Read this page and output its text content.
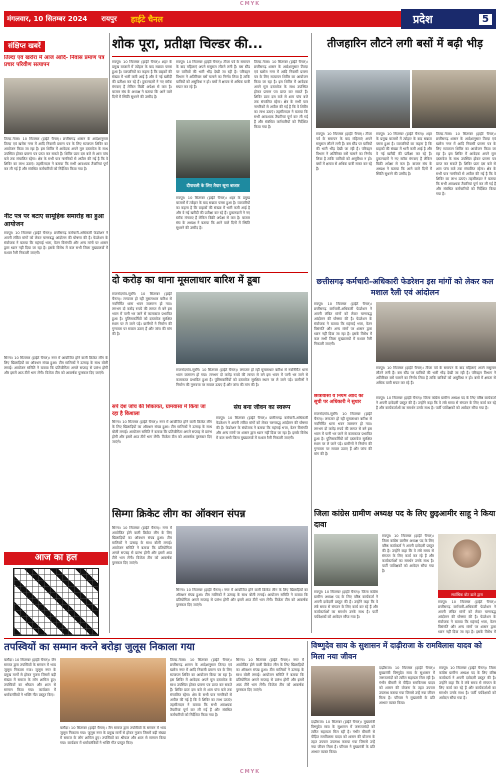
CMYK
मंगलवार, 10 सितम्बर 2024 रायपुर हाईटे चैनल	प्रदेश	5
संक्षिप्त खबरें
तिल्दा एवं खरोरा में आज आदि- निवास प्रमाण पत्र प्रचार परिवीण सत्यापन
तिल्दा-नेवरा। 10 सितम्बर (हाईटे चैनल)। छत्तीसगढ़ शासन के आदेशानुसार तिल्दा एवं खरोरा नगर में आदि निवासी प्रमाण पत्र के लिए सत्यापन शिविर का आयोजन किया जा रहा है। इस शिविर में आवेदक अपने मूल दस्तावेज के साथ उपस्थित होकर प्रमाण पत्र प्राप्त कर सकते हैं। शिविर प्रातः दस बजे से शाम पांच बजे तक संचालित रहेगा। क्षेत्र के सभी पात्र नागरिकों से अपील की गई है कि वे शिविर का लाभ उठाएं। तहसीलदार ने बताया कि सभी आवश्यक तैयारियां पूर्ण कर ली गई हैं और संबंधित कर्मचारियों को निर्देशित किया गया है।
नीट पत्र पर बटाए सामूहिक समारोह का हुआ आयोजन
रायपुर। 10 सितम्बर (हाईटे चैनल)। छत्तीसगढ़ कर्मचारी-अधिकारी फेडरेशन ने अपनी लंबित मांगों को लेकर चरणबद्ध आंदोलन की घोषणा की है। फेडरेशन के संयोजक ने बताया कि महंगाई भत्ता, वेतन विसंगति और अन्य मांगों पर शासन द्वारा ध्यान नहीं दिया जा रहा है। इसके विरोध में कल सभी जिला मुख्यालयों में मशाल रैली निकाली जाएगी।
आज का हल
सिम्गा। 10 सितम्बर (हाईटे चैनल)। नगर में आयोजित होने वाली क्रिकेट लीग के लिए खिलाड़ियों का ऑक्शन संपन्न हुआ। टीम मालिकों ने उत्साह के साथ बोली लगाई। आयोजन समिति ने बताया कि प्रतियोगिता अगले सप्ताह से प्रारंभ होगी और इसमें आठ टीमें भाग लेंगी। विजेता टीम को आकर्षक पुरस्कार दिए जाएंगे।
शोक पूरा, प्रतीक्षा चिल्डर की...
रायपुर। 10 सितम्बर (हाईटे चैनल)। शहर के प्रमुख बाजारों में त्योहार के बाद सन्नाटा पसरा हुआ है। व्यापारियों का कहना है कि ग्राहकों की संख्या में भारी कमी आई है और वे नई खरीदी की प्रतीक्षा कर रहे हैं। दुकानदारों ने नए स्टॉक मंगवाए हैं लेकिन बिक्री अपेक्षा से कम है। बाजार संघ के अध्यक्ष ने बताया कि आने वाले दिनों में स्थिति सुधरने की उम्मीद है।
दीपावली के लिए तैयार सूना बाजार
रायपुर। 10 सितम्बर (हाईटे चैनल)। तीजा पर्व के समापन के बाद महिलाएं अपने ससुराल लौटने लगी हैं। बस स्टैंड पर यात्रियों की भारी भीड़ देखी जा रही है। परिवहन विभाग ने अतिरिक्त बसें चलाने का निर्णय लिया है ताकि यात्रियों को असुविधा न हो। बसों में क्षमता से अधिक यात्री सफर कर रहे हैं।
रायपुर। 10 सितम्बर (हाईटे चैनल)। शहर के प्रमुख बाजारों में त्योहार के बाद सन्नाटा पसरा हुआ है। व्यापारियों का कहना है कि ग्राहकों की संख्या में भारी कमी आई है और वे नई खरीदी की प्रतीक्षा कर रहे हैं। दुकानदारों ने नए स्टॉक मंगवाए हैं लेकिन बिक्री अपेक्षा से कम है। बाजार संघ के अध्यक्ष ने बताया कि आने वाले दिनों में स्थिति सुधरने की उम्मीद है।
तिल्दा-नेवरा। 10 सितम्बर (हाईटे चैनल)। छत्तीसगढ़ शासन के आदेशानुसार तिल्दा एवं खरोरा नगर में आदि निवासी प्रमाण पत्र के लिए सत्यापन शिविर का आयोजन किया जा रहा है। इस शिविर में आवेदक अपने मूल दस्तावेज के साथ उपस्थित होकर प्रमाण पत्र प्राप्त कर सकते हैं। शिविर प्रातः दस बजे से शाम पांच बजे तक संचालित रहेगा। क्षेत्र के सभी पात्र नागरिकों से अपील की गई है कि वे शिविर का लाभ उठाएं। तहसीलदार ने बताया कि सभी आवश्यक तैयारियां पूर्ण कर ली गई हैं और संबंधित कर्मचारियों को निर्देशित किया गया है।
तीजहारिन लौटने लगी बसों में बढ़ी भीड़
रायपुर। 10 सितम्बर (हाईटे चैनल)। तीजा पर्व के समापन के बाद महिलाएं अपने ससुराल लौटने लगी हैं। बस स्टैंड पर यात्रियों की भारी भीड़ देखी जा रही है। परिवहन विभाग ने अतिरिक्त बसें चलाने का निर्णय लिया है ताकि यात्रियों को असुविधा न हो। बसों में क्षमता से अधिक यात्री सफर कर रहे हैं।
रायपुर। 10 सितम्बर (हाईटे चैनल)। शहर के प्रमुख बाजारों में त्योहार के बाद सन्नाटा पसरा हुआ है। व्यापारियों का कहना है कि ग्राहकों की संख्या में भारी कमी आई है और वे नई खरीदी की प्रतीक्षा कर रहे हैं। दुकानदारों ने नए स्टॉक मंगवाए हैं लेकिन बिक्री अपेक्षा से कम है। बाजार संघ के अध्यक्ष ने बताया कि आने वाले दिनों में स्थिति सुधरने की उम्मीद है।
तिल्दा-नेवरा। 10 सितम्बर (हाईटे चैनल)। छत्तीसगढ़ शासन के आदेशानुसार तिल्दा एवं खरोरा नगर में आदि निवासी प्रमाण पत्र के लिए सत्यापन शिविर का आयोजन किया जा रहा है। इस शिविर में आवेदक अपने मूल दस्तावेज के साथ उपस्थित होकर प्रमाण पत्र प्राप्त कर सकते हैं। शिविर प्रातः दस बजे से शाम पांच बजे तक संचालित रहेगा। क्षेत्र के सभी पात्र नागरिकों से अपील की गई है कि वे शिविर का लाभ उठाएं। तहसीलदार ने बताया कि सभी आवश्यक तैयारियां पूर्ण कर ली गई हैं और संबंधित कर्मचारियों को निर्देशित किया गया है।
दो करोड़ का थाना मूसलाधार बारिश में डूबा
राजनांदगांव-सुरगि। 10 सितम्बर (हाईटे चैनल)। लगातार हो रही मूसलाधार बारिश से नवनिर्मित थाना भवन जलमग्न हो गया। लगभग दो करोड़ रुपये की लागत से बने इस भवन में पानी भर जाने से कामकाज प्रभावित हुआ है। पुलिसकर्मियों को दस्तावेज सुरक्षित स्थान पर ले जाने पड़े। ग्रामीणों ने निर्माण की गुणवत्ता पर सवाल उठाए हैं और जांच की मांग की है।
राजनांदगांव-सुरगि। 10 सितम्बर (हाईटे चैनल)। लगातार हो रही मूसलाधार बारिश से नवनिर्मित थाना भवन जलमग्न हो गया। लगभग दो करोड़ रुपये की लागत से बने इस भवन में पानी भर जाने से कामकाज प्रभावित हुआ है। पुलिसकर्मियों को दस्तावेज सुरक्षित स्थान पर ले जाने पड़े। ग्रामीणों ने निर्माण की गुणवत्ता पर सवाल उठाए हैं और जांच की मांग की है।
सर्प दंश जांच की शिकायत, ग्रामवासा में किया जा रहा है किशाला
सिम्गा। 10 सितम्बर (हाईटे चैनल)। नगर में आयोजित होने वाली क्रिकेट लीग के लिए खिलाड़ियों का ऑक्शन संपन्न हुआ। टीम मालिकों ने उत्साह के साथ बोली लगाई। आयोजन समिति ने बताया कि प्रतियोगिता अगले सप्ताह से प्रारंभ होगी और इसमें आठ टीमें भाग लेंगी। विजेता टीम को आकर्षक पुरस्कार दिए जाएंगे।
संघ बना जीवन का स्वरूप
रायपुर। 10 सितम्बर (हाईटे चैनल)। छत्तीसगढ़ कर्मचारी-अधिकारी फेडरेशन ने अपनी लंबित मांगों को लेकर चरणबद्ध आंदोलन की घोषणा की है। फेडरेशन के संयोजक ने बताया कि महंगाई भत्ता, वेतन विसंगति और अन्य मांगों पर शासन द्वारा ध्यान नहीं दिया जा रहा है। इसके विरोध में कल सभी जिला मुख्यालयों में मशाल रैली निकाली जाएगी।
छत्तीसगढ़ कर्मचारी-अधिकारी फेडरेशन इस मांगों को लेकर कल मशाल रैली एवं आंदोलन
रायपुर। 10 सितम्बर (हाईटे चैनल)। छत्तीसगढ़ कर्मचारी-अधिकारी फेडरेशन ने अपनी लंबित मांगों को लेकर चरणबद्ध आंदोलन की घोषणा की है। फेडरेशन के संयोजक ने बताया कि महंगाई भत्ता, वेतन विसंगति और अन्य मांगों पर शासन द्वारा ध्यान नहीं दिया जा रहा है। इसके विरोध में कल सभी जिला मुख्यालयों में मशाल रैली निकाली जाएगी।
रायपुर। 10 सितम्बर (हाईटे चैनल)। तीजा पर्व के समापन के बाद महिलाएं अपने ससुराल लौटने लगी हैं। बस स्टैंड पर यात्रियों की भारी भीड़ देखी जा रही है। परिवहन विभाग ने अतिरिक्त बसें चलाने का निर्णय लिया है ताकि यात्रियों को असुविधा न हो। बसों में क्षमता से अधिक यात्री सफर कर रहे हैं।
छात्रावासों व नियम आदि को सूची पर अधिकारी ने सुधार
राजनांदगांव-सुरगि। 10 सितम्बर (हाईटे चैनल)। लगातार हो रही मूसलाधार बारिश से नवनिर्मित थाना भवन जलमग्न हो गया। लगभग दो करोड़ रुपये की लागत से बने इस भवन में पानी भर जाने से कामकाज प्रभावित हुआ है। पुलिसकर्मियों को दस्तावेज सुरक्षित स्थान पर ले जाने पड़े। ग्रामीणों ने निर्माण की गुणवत्ता पर सवाल उठाए हैं और जांच की मांग की है।
रायपुर। 10 सितम्बर (हाईटे चैनल)। जिला कांग्रेस ग्रामीण अध्यक्ष पद के लिए वरिष्ठ कार्यकर्ता ने अपनी दावेदारी प्रस्तुत की है। उन्होंने कहा कि वे लंबे समय से संगठन के लिए कार्य कर रहे हैं और कार्यकर्ताओं का समर्थन उनके साथ है। पार्टी पर्यवेक्षकों को आवेदन सौंपा गया है।
सिम्गा क्रिकेट लीग का ऑक्शन संपन्न
सिम्गा। 10 सितम्बर (हाईटे चैनल)। नगर में आयोजित होने वाली क्रिकेट लीग के लिए खिलाड़ियों का ऑक्शन संपन्न हुआ। टीम मालिकों ने उत्साह के साथ बोली लगाई। आयोजन समिति ने बताया कि प्रतियोगिता अगले सप्ताह से प्रारंभ होगी और इसमें आठ टीमें भाग लेंगी। विजेता टीम को आकर्षक पुरस्कार दिए जाएंगे।
सिम्गा। 10 सितम्बर (हाईटे चैनल)। नगर में आयोजित होने वाली क्रिकेट लीग के लिए खिलाड़ियों का ऑक्शन संपन्न हुआ। टीम मालिकों ने उत्साह के साथ बोली लगाई। आयोजन समिति ने बताया कि प्रतियोगिता अगले सप्ताह से प्रारंभ होगी और इसमें आठ टीमें भाग लेंगी। विजेता टीम को आकर्षक पुरस्कार दिए जाएंगे।
जिला कांग्रेस ग्रामीण अध्यक्ष पद के लिए छुइआमीर साहू ने किया दावा
रायपुर। 10 सितम्बर (हाईटे चैनल)। जिला कांग्रेस ग्रामीण अध्यक्ष पद के लिए वरिष्ठ कार्यकर्ता ने अपनी दावेदारी प्रस्तुत की है। उन्होंने कहा कि वे लंबे समय से संगठन के लिए कार्य कर रहे हैं और कार्यकर्ताओं का समर्थन उनके साथ है। पार्टी पर्यवेक्षकों को आवेदन सौंपा गया है।
रायपुर। 10 सितम्बर (हाईटे चैनल)। जिला कांग्रेस ग्रामीण अध्यक्ष पद के लिए वरिष्ठ कार्यकर्ता ने अपनी दावेदारी प्रस्तुत की है। उन्होंने कहा कि वे लंबे समय से संगठन के लिए कार्य कर रहे हैं और कार्यकर्ताओं का समर्थन उनके साथ है। पार्टी पर्यवेक्षकों को आवेदन सौंपा गया है।
सर्वाधिक वोट डाले द्वारा
रायपुर। 10 सितम्बर (हाईटे चैनल)। छत्तीसगढ़ कर्मचारी-अधिकारी फेडरेशन ने अपनी लंबित मांगों को लेकर चरणबद्ध आंदोलन की घोषणा की है। फेडरेशन के संयोजक ने बताया कि महंगाई भत्ता, वेतन विसंगति और अन्य मांगों पर शासन द्वारा ध्यान नहीं दिया जा रहा है। इसके विरोध में
तपस्वियों का सम्मान करने बरोड़ा जुलूस निकाला गया
बलौदा। 10 सितम्बर (हाईटे चैनल)। जैन समाज द्वारा तपस्वियों के सम्मान में भव्य जुलूस निकाला गया। जुलूस नगर के प्रमुख मार्गों से होकर गुजरा जिसमें बड़ी संख्या में समाज के लोग शामिल हुए। तपस्वियों का श्रीफल और शाल से सम्मान किया गया। कार्यक्रम में धर्मावलंबियों ने भक्ति गीत प्रस्तुत किए।
बलौदा। 10 सितम्बर (हाईटे चैनल)। जैन समाज द्वारा तपस्वियों के सम्मान में भव्य जुलूस निकाला गया। जुलूस नगर के प्रमुख मार्गों से होकर गुजरा जिसमें बड़ी संख्या में समाज के लोग शामिल हुए। तपस्वियों का श्रीफल और शाल से सम्मान किया गया। कार्यक्रम में धर्मावलंबियों ने भक्ति गीत प्रस्तुत किए।
तिल्दा-नेवरा। 10 सितम्बर (हाईटे चैनल)। छत्तीसगढ़ शासन के आदेशानुसार तिल्दा एवं खरोरा नगर में आदि निवासी प्रमाण पत्र के लिए सत्यापन शिविर का आयोजन किया जा रहा है। इस शिविर में आवेदक अपने मूल दस्तावेज के साथ उपस्थित होकर प्रमाण पत्र प्राप्त कर सकते हैं। शिविर प्रातः दस बजे से शाम पांच बजे तक संचालित रहेगा। क्षेत्र के सभी पात्र नागरिकों से अपील की गई है कि वे शिविर का लाभ उठाएं। तहसीलदार ने बताया कि सभी आवश्यक तैयारियां पूर्ण कर ली गई हैं और संबंधित कर्मचारियों को निर्देशित किया गया है।
सिम्गा। 10 सितम्बर (हाईटे चैनल)। नगर में आयोजित होने वाली क्रिकेट लीग के लिए खिलाड़ियों का ऑक्शन संपन्न हुआ। टीम मालिकों ने उत्साह के साथ बोली लगाई। आयोजन समिति ने बताया कि प्रतियोगिता अगले सप्ताह से प्रारंभ होगी और इसमें आठ टीमें भाग लेंगी। विजेता टीम को आकर्षक पुरस्कार दिए जाएंगे।
विष्णुदेव साय के सुशासन में दाढ़ीराजा के रामविलास यादव को मिला नया जीवन
दाढ़ीराजा। 10 सितम्बर (हाईटे चैनल)। मुख्यमंत्री विष्णुदेव साय के सुशासन में जरूरतमंदों को त्वरित सहायता मिल रही है। गंभीर बीमारी से पीड़ित रामविलास यादव को शासन की योजना के तहत उपचार उपलब्ध कराया गया जिससे उन्हें नया जीवन मिला है। परिवार ने मुख्यमंत्री के प्रति आभार व्यक्त किया।
दाढ़ीराजा। 10 सितम्बर (हाईटे चैनल)। मुख्यमंत्री विष्णुदेव साय के सुशासन में जरूरतमंदों को त्वरित सहायता मिल रही है। गंभीर बीमारी से पीड़ित रामविलास यादव को शासन की योजना के तहत उपचार उपलब्ध कराया गया जिससे उन्हें नया जीवन मिला है। परिवार ने मुख्यमंत्री के प्रति आभार व्यक्त किया।
रायपुर। 10 सितम्बर (हाईटे चैनल)। जिला कांग्रेस ग्रामीण अध्यक्ष पद के लिए वरिष्ठ कार्यकर्ता ने अपनी दावेदारी प्रस्तुत की है। उन्होंने कहा कि वे लंबे समय से संगठन के लिए कार्य कर रहे हैं और कार्यकर्ताओं का समर्थन उनके साथ है। पार्टी पर्यवेक्षकों को आवेदन सौंपा गया है।
CMYK
